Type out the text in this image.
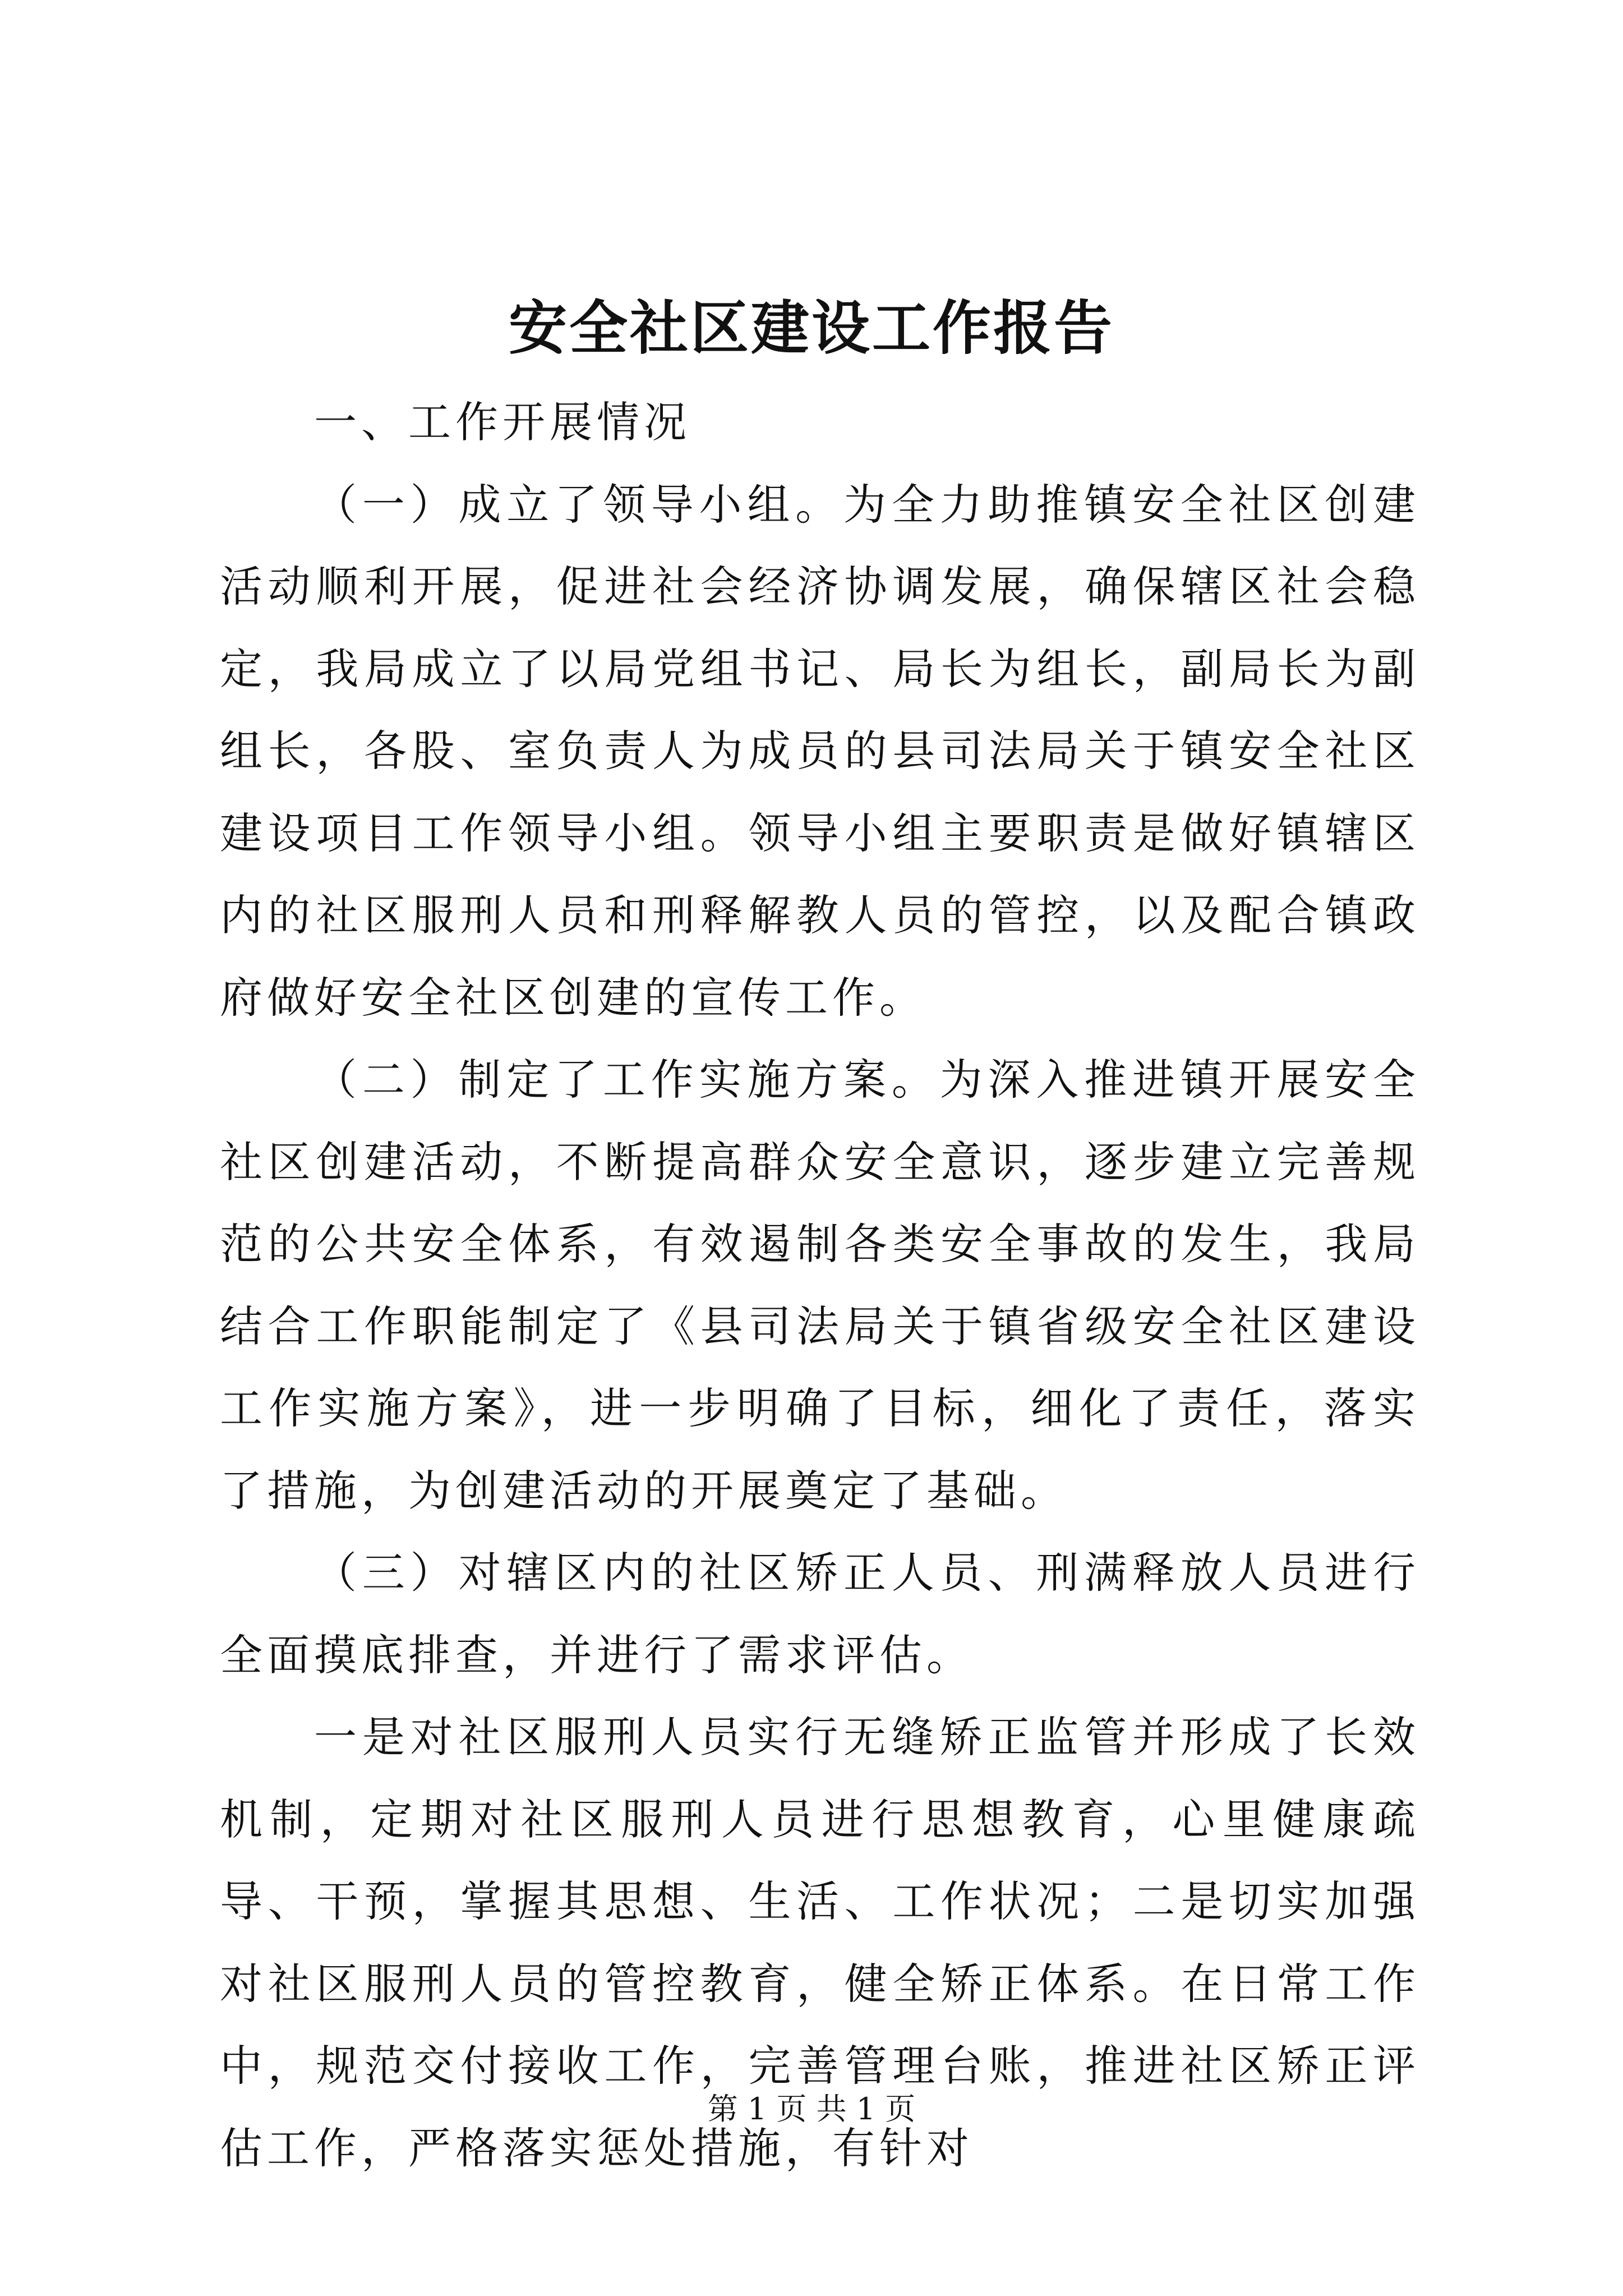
安全社区建设工作报告

一、工作开展情况

（一）成立了领导小组。为全力助推镇安全社区创建活动顺利开展，促进社会经济协调发展，确保辖区社会稳定，我局成立了以局党组书记、局长为组长，副局长为副组长，各股、室负责人为成员的县司法局关于镇安全社区建设项目工作领导小组。领导小组主要职责是做好镇辖区内的社区服刑人员和刑释解教人员的管控，以及配合镇政府做好安全社区创建的宣传工作。

（二）制定了工作实施方案。为深入推进镇开展安全社区创建活动，不断提高群众安全意识，逐步建立完善规范的公共安全体系，有效遏制各类安全事故的发生，我局结合工作职能制定了《县司法局关于镇省级安全社区建设工作实施方案》，进一步明确了目标，细化了责任，落实了措施，为创建活动的开展奠定了基础。

（三）对辖区内的社区矫正人员、刑满释放人员进行全面摸底排查，并进行了需求评估。

一是对社区服刑人员实行无缝矫正监管并形成了长效机制，定期对社区服刑人员进行思想教育，心里健康疏导、干预，掌握其思想、生活、工作状况；二是切实加强对社区服刑人员的管控教育，健全矫正体系。在日常工作中，规范交付接收工作，完善管理台账，推进社区矫正评估工作，严格落实惩处措施，有针对

第 1 页 共 1 页
